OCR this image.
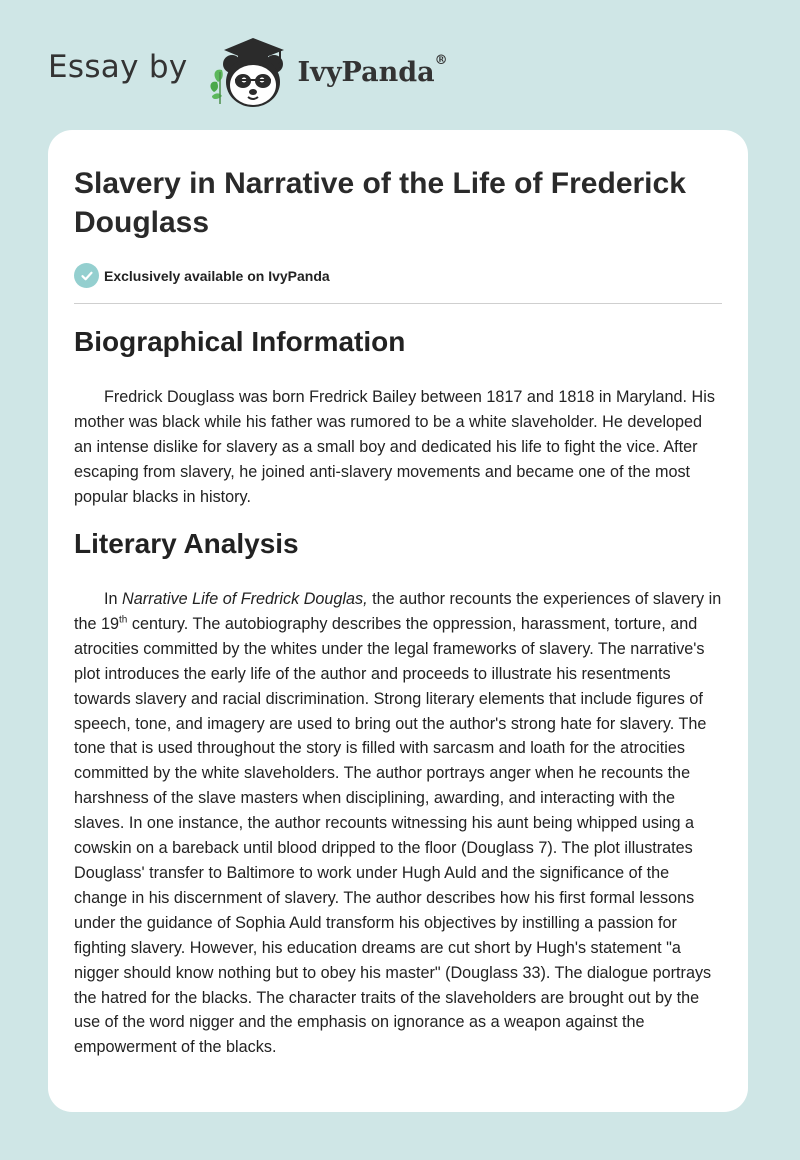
Essay by	IvyPanda®
Slavery in Narrative of the Life of Frederick Douglass
Exclusively available on IvyPanda
Biographical Information

Fredrick Douglass was born Fredrick Bailey between 1817 and 1818 in Maryland. His mother was black while his father was rumored to be a white slaveholder. He developed an intense dislike for slavery as a small boy and dedicated his life to fight the vice. After escaping from slavery, he joined anti-slavery movements and became one of the most popular blacks in history.

Literary Analysis

In Narrative Life of Fredrick Douglas, the author recounts the experiences of slavery in the 19th century. The autobiography describes the oppression, harassment, torture, and atrocities committed by the whites under the legal frameworks of slavery. The narrative's plot introduces the early life of the author and proceeds to illustrate his resentments towards slavery and racial discrimination. Strong literary elements that include figures of speech, tone, and imagery are used to bring out the author's strong hate for slavery. The tone that is used throughout the story is filled with sarcasm and loath for the atrocities committed by the white slaveholders. The author portrays anger when he recounts the harshness of the slave masters when disciplining, awarding, and interacting with the slaves. In one instance, the author recounts witnessing his aunt being whipped using a cowskin on a bareback until blood dripped to the floor (Douglass 7). The plot illustrates Douglass' transfer to Baltimore to work under Hugh Auld and the significance of the change in his discernment of slavery. The author describes how his first formal lessons under the guidance of Sophia Auld transform his objectives by instilling a passion for fighting slavery. However, his education dreams are cut short by Hugh's statement "a nigger should know nothing but to obey his master" (Douglass 33). The dialogue portrays the hatred for the blacks. The character traits of the slaveholders are brought out by the use of the word nigger and the emphasis on ignorance as a weapon against the empowerment of the blacks.
